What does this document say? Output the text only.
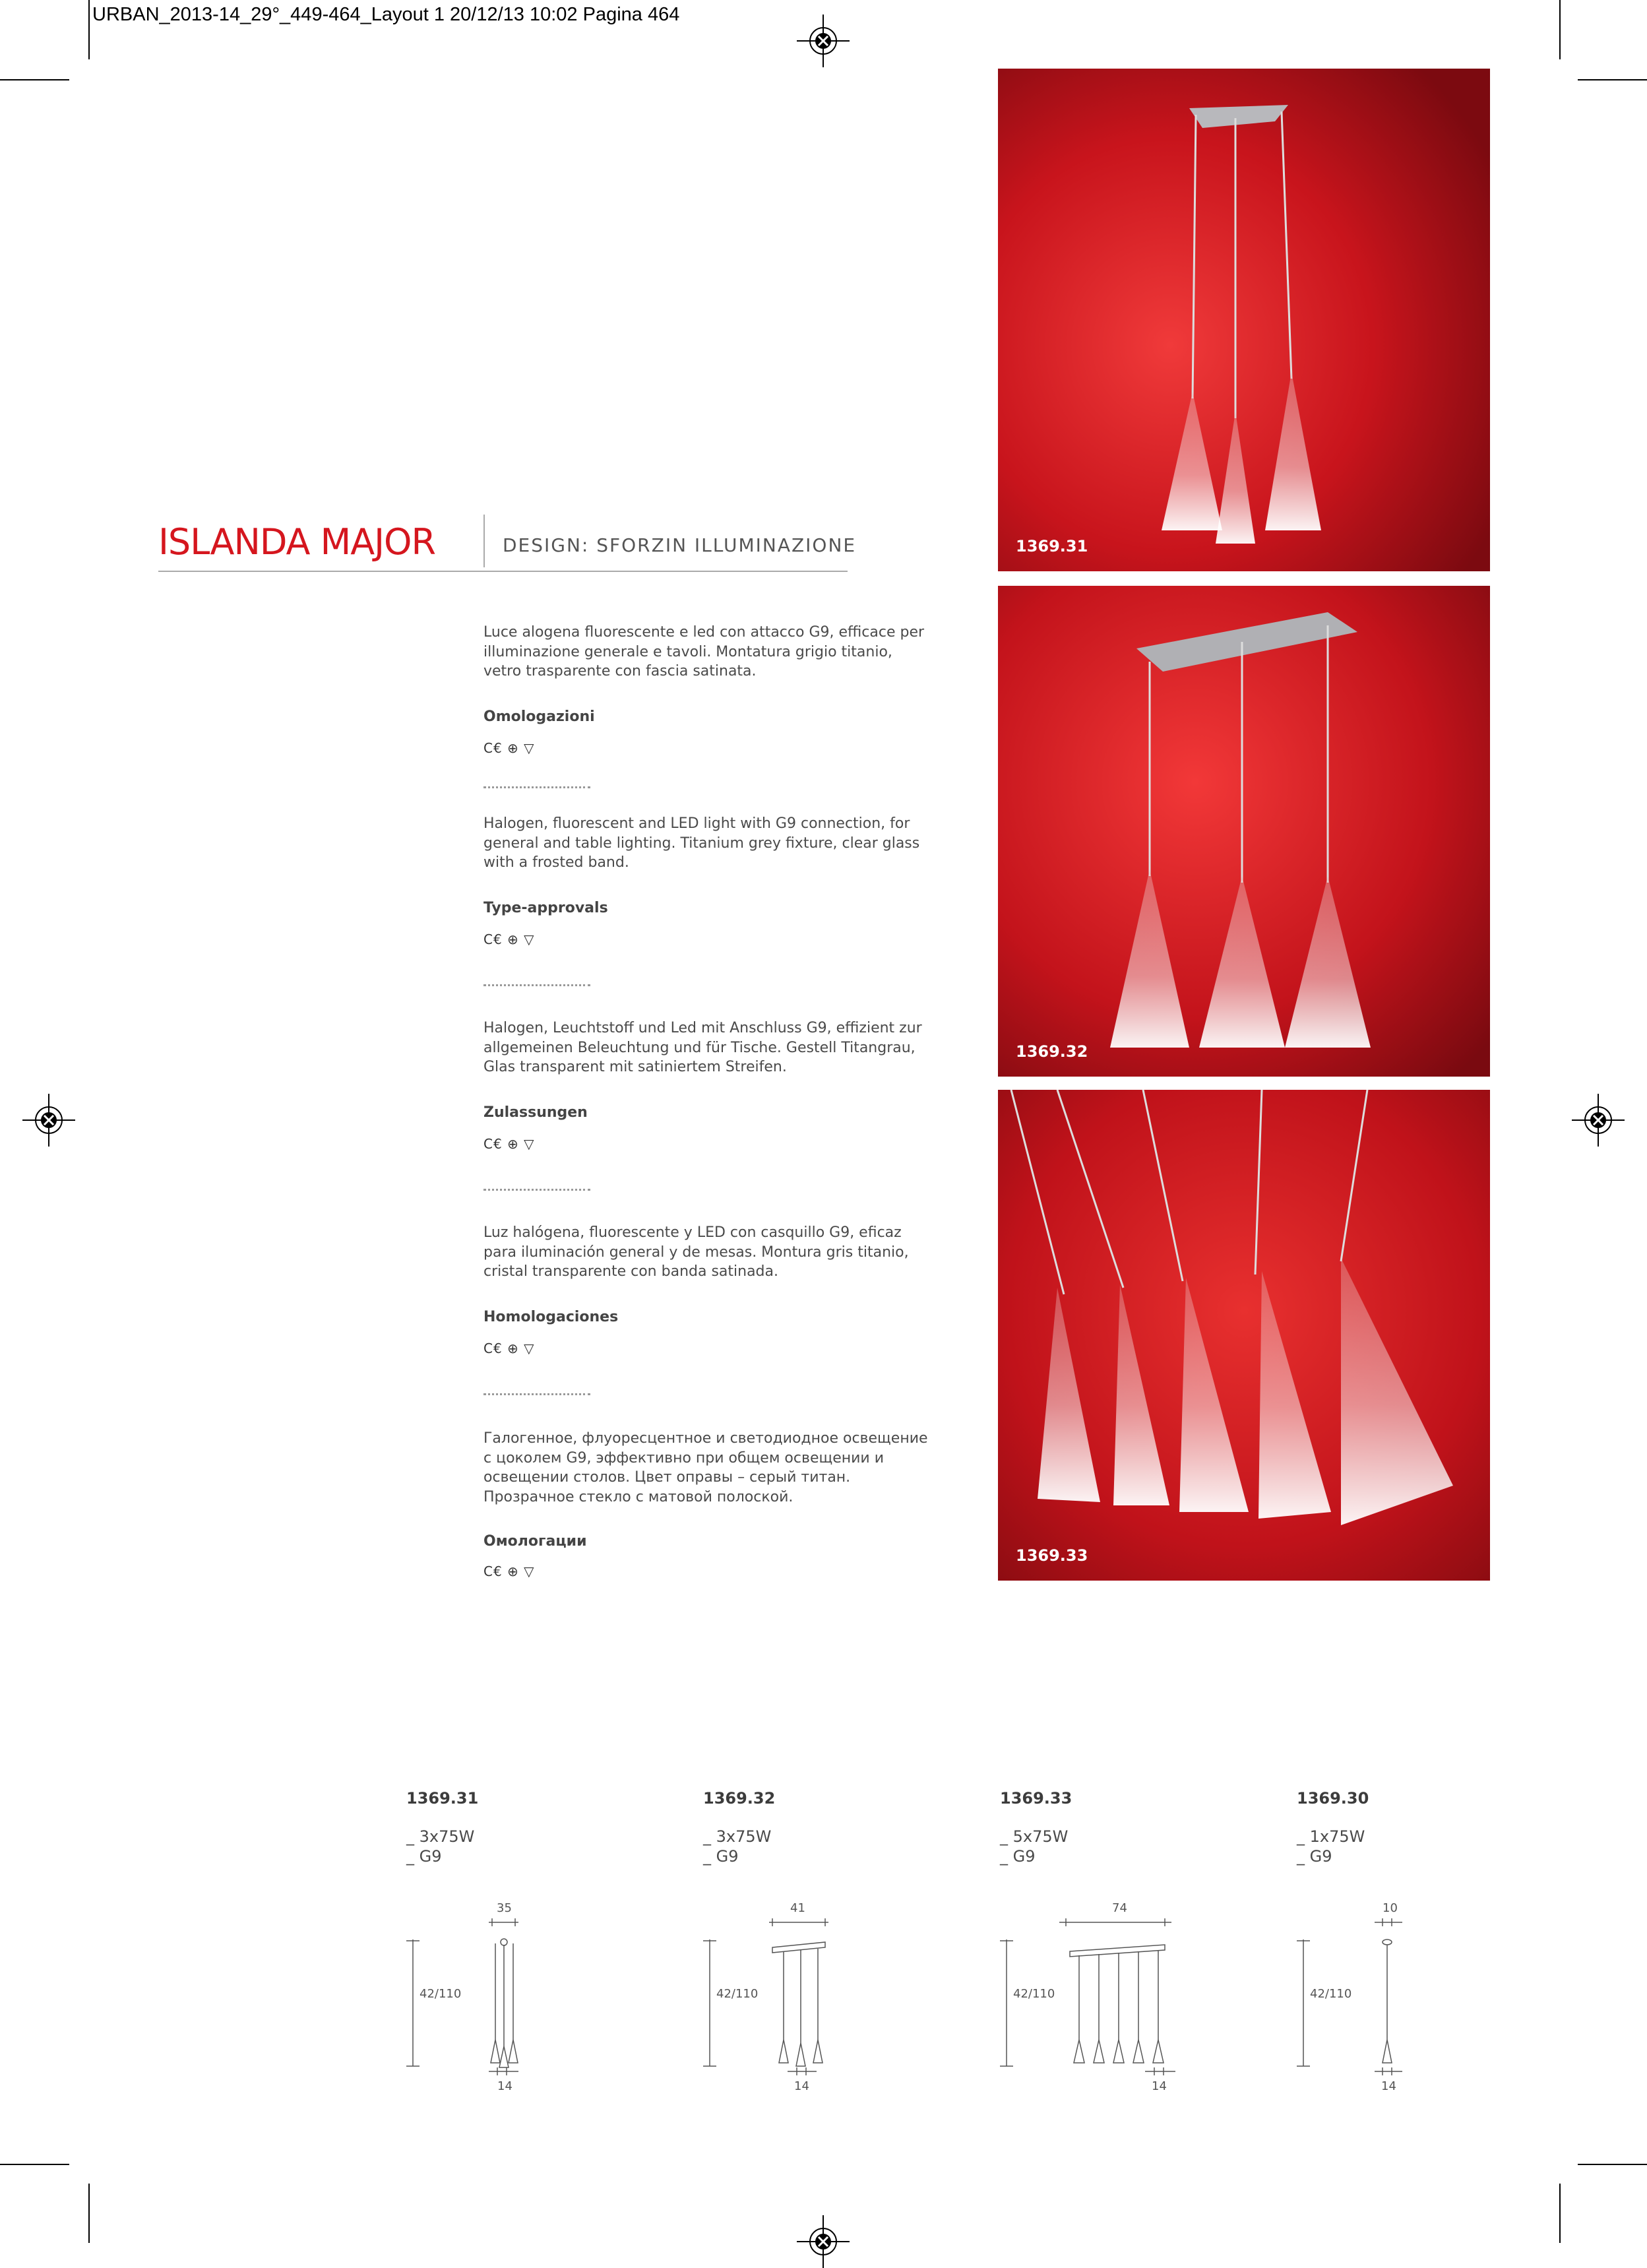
URBAN_2013-14_29°_449-464_Layout 1 20/12/13 10:02 Pagina 464
ISLANDA MAJOR	DESIGN: SFORZIN ILLUMINAZIONE
Luce alogena fluorescente e led con attacco G9, efficace per
illuminazione generale e tavoli. Montatura grigio titanio,
vetro trasparente con fascia satinata.
Omologazioni
C€ ⊕ ▽
Halogen, fluorescent and LED light with G9 connection, for
general and table lighting. Titanium grey fixture, clear glass
with a frosted band.
Type-approvals
C€ ⊕ ▽
Halogen, Leuchtstoff und Led mit Anschluss G9, effizient zur
allgemeinen Beleuchtung und für Tische. Gestell Titangrau,
Glas transparent mit satiniertem Streifen.
Zulassungen
C€ ⊕ ▽
Luz halógena, fluorescente y LED con casquillo G9, eficaz
para iluminación general y de mesas. Montura gris titanio,
cristal transparente con banda satinada.
Homologaciones
C€ ⊕ ▽
Галогенное, флуоресцентное и светодиодное освещение
с цоколем G9, эффективно при общем освещении и
освещении столов. Цвет оправы – серый титан.
Прозрачное стекло с матовой полоской.
Омологации
C€ ⊕ ▽
1369.31
1369.32
1369.33
1369.31
_ 3x75W
_ G9
35
42/110
14
1369.32
_ 3x75W
_ G9
41
42/110
14
1369.33
_ 5x75W
_ G9
74
42/110
14
1369.30
_ 1x75W
_ G9
10
42/110
14
